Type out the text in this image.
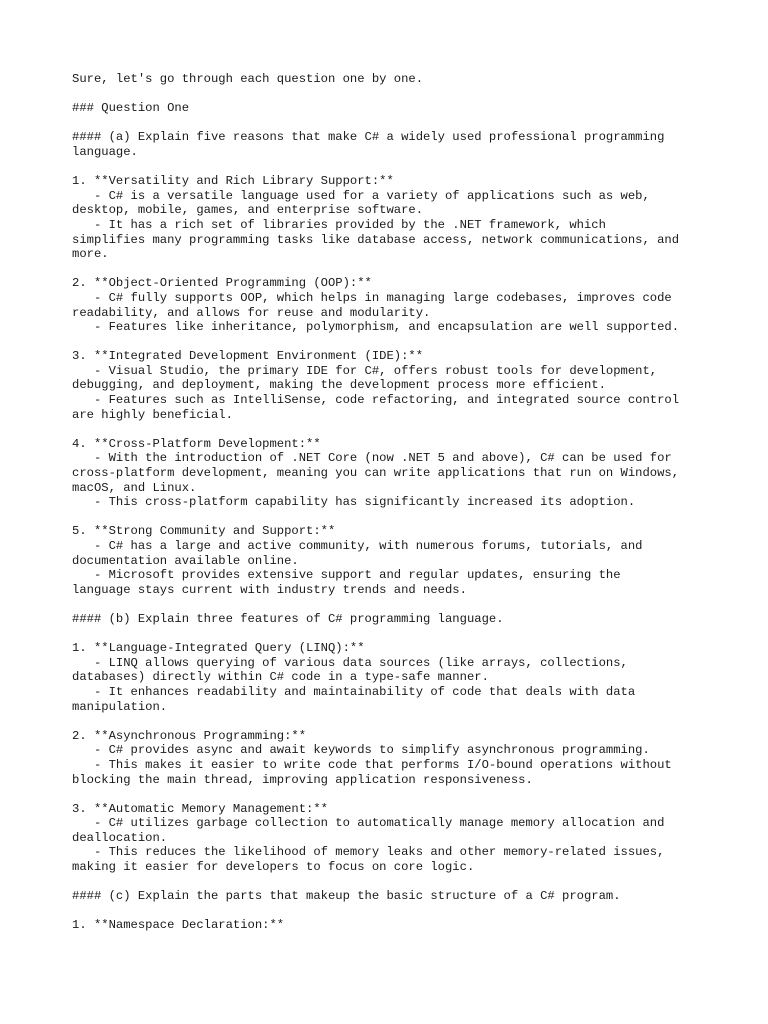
Sure, let's go through each question one by one.
### Question One
#### (a) Explain five reasons that make C# a widely used professional programming
language.
1. **Versatility and Rich Library Support:**
- C# is a versatile language used for a variety of applications such as web,
desktop, mobile, games, and enterprise software.
- It has a rich set of libraries provided by the .NET framework, which
simplifies many programming tasks like database access, network communications, and
more.
2. **Object-Oriented Programming (OOP):**
- C# fully supports OOP, which helps in managing large codebases, improves code
readability, and allows for reuse and modularity.
- Features like inheritance, polymorphism, and encapsulation are well supported.
3. **Integrated Development Environment (IDE):**
- Visual Studio, the primary IDE for C#, offers robust tools for development,
debugging, and deployment, making the development process more efficient.
- Features such as IntelliSense, code refactoring, and integrated source control
are highly beneficial.
4. **Cross-Platform Development:**
- With the introduction of .NET Core (now .NET 5 and above), C# can be used for
cross-platform development, meaning you can write applications that run on Windows,
macOS, and Linux.
- This cross-platform capability has significantly increased its adoption.
5. **Strong Community and Support:**
- C# has a large and active community, with numerous forums, tutorials, and
documentation available online.
- Microsoft provides extensive support and regular updates, ensuring the
language stays current with industry trends and needs.
#### (b) Explain three features of C# programming language.
1. **Language-Integrated Query (LINQ):**
- LINQ allows querying of various data sources (like arrays, collections,
databases) directly within C# code in a type-safe manner.
- It enhances readability and maintainability of code that deals with data
manipulation.
2. **Asynchronous Programming:**
- C# provides async and await keywords to simplify asynchronous programming.
- This makes it easier to write code that performs I/O-bound operations without
blocking the main thread, improving application responsiveness.
3. **Automatic Memory Management:**
- C# utilizes garbage collection to automatically manage memory allocation and
deallocation.
- This reduces the likelihood of memory leaks and other memory-related issues,
making it easier for developers to focus on core logic.
#### (c) Explain the parts that makeup the basic structure of a C# program.
1. **Namespace Declaration:**
